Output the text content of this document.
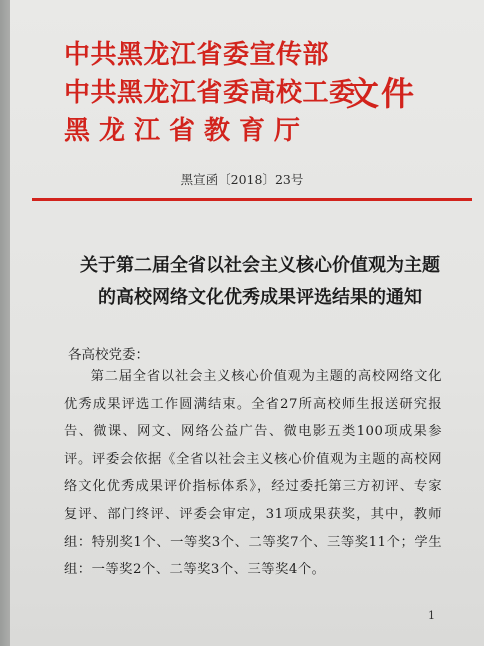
中共黑龙江省委宣传部
中共黑龙江省委高校工委
黑龙江省教育厅
文件
黑宣函〔2018〕23号
关于第二届全省以社会主义核心价值观为主题
的高校网络文化优秀成果评选结果的通知
各高校党委：
第二届全省以社会主义核心价值观为主题的高校网络文化优秀成果评选工作圆满结束。全省27所高校师生报送研究报告、微课、网文、网络公益广告、微电影五类100项成果参评。评委会依据《全省以社会主义核心价值观为主题的高校网络文化优秀成果评价指标体系》，经过委托第三方初评、专家复评、部门终评、评委会审定，31项成果获奖，其中，教师组：特别奖1个、一等奖3个、二等奖7个、三等奖11个；学生组：一等奖2个、二等奖3个、三等奖4个。
1
